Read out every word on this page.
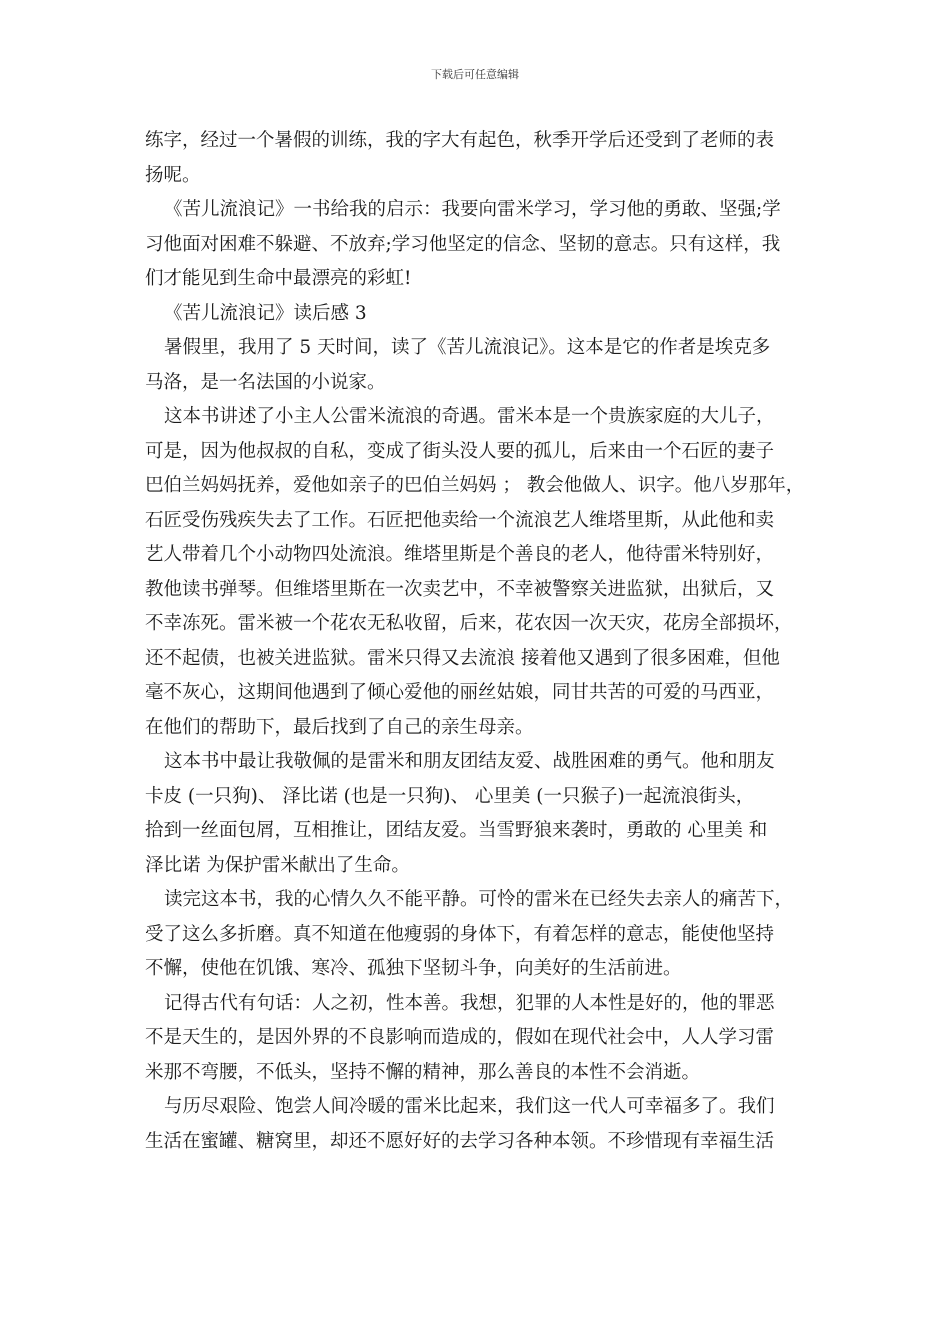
下载后可任意编辑
练字，经过一个暑假的训练，我的字大有起色，秋季开学后还受到了老师的表
扬呢。
《苦儿流浪记》一书给我的启示：我要向雷米学习，学习他的勇敢、坚强;学
习他面对困难不躲避、不放弃;学习他坚定的信念、坚韧的意志。只有这样，我
们才能见到生命中最漂亮的彩虹!
《苦儿流浪记》读后感 3
暑假里，我用了 5 天时间，读了《苦儿流浪记》。这本是它的作者是埃克多
马洛，是一名法国的小说家。
这本书讲述了小主人公雷米流浪的奇遇。雷米本是一个贵族家庭的大儿子，
可是，因为他叔叔的自私，变成了街头没人要的孤儿，后来由一个石匠的妻子
巴伯兰妈妈抚养，爱他如亲子的巴伯兰妈妈 ； 教会他做人、识字。他八岁那年，
石匠受伤残疾失去了工作。石匠把他卖给一个流浪艺人维塔里斯，从此他和卖
艺人带着几个小动物四处流浪。维塔里斯是个善良的老人，他待雷米特别好，
教他读书弹琴。但维塔里斯在一次卖艺中，不幸被警察关进监狱，出狱后，又
不幸冻死。雷米被一个花农无私收留，后来，花农因一次天灾，花房全部损坏，
还不起债，也被关进监狱。雷米只得又去流浪 接着他又遇到了很多困难，但他
毫不灰心，这期间他遇到了倾心爱他的丽丝姑娘，同甘共苦的可爱的马西亚，
在他们的帮助下，最后找到了自己的亲生母亲。
这本书中最让我敬佩的是雷米和朋友团结友爱、战胜困难的勇气。他和朋友
卡皮 (一只狗)、 泽比诺 (也是一只狗)、 心里美 (一只猴子)一起流浪街头，
拾到一丝面包屑，互相推让，团结友爱。当雪野狼来袭时，勇敢的 心里美 和
泽比诺 为保护雷米献出了生命。
读完这本书，我的心情久久不能平静。可怜的雷米在已经失去亲人的痛苦下，
受了这么多折磨。真不知道在他瘦弱的身体下，有着怎样的意志，能使他坚持
不懈，使他在饥饿、寒冷、孤独下坚韧斗争，向美好的生活前进。
记得古代有句话：人之初，性本善。我想，犯罪的人本性是好的，他的罪恶
不是天生的，是因外界的不良影响而造成的，假如在现代社会中，人人学习雷
米那不弯腰，不低头，坚持不懈的精神，那么善良的本性不会消逝。
与历尽艰险、饱尝人间冷暖的雷米比起来，我们这一代人可幸福多了。我们
生活在蜜罐、糖窝里，却还不愿好好的去学习各种本领。不珍惜现有幸福生活
